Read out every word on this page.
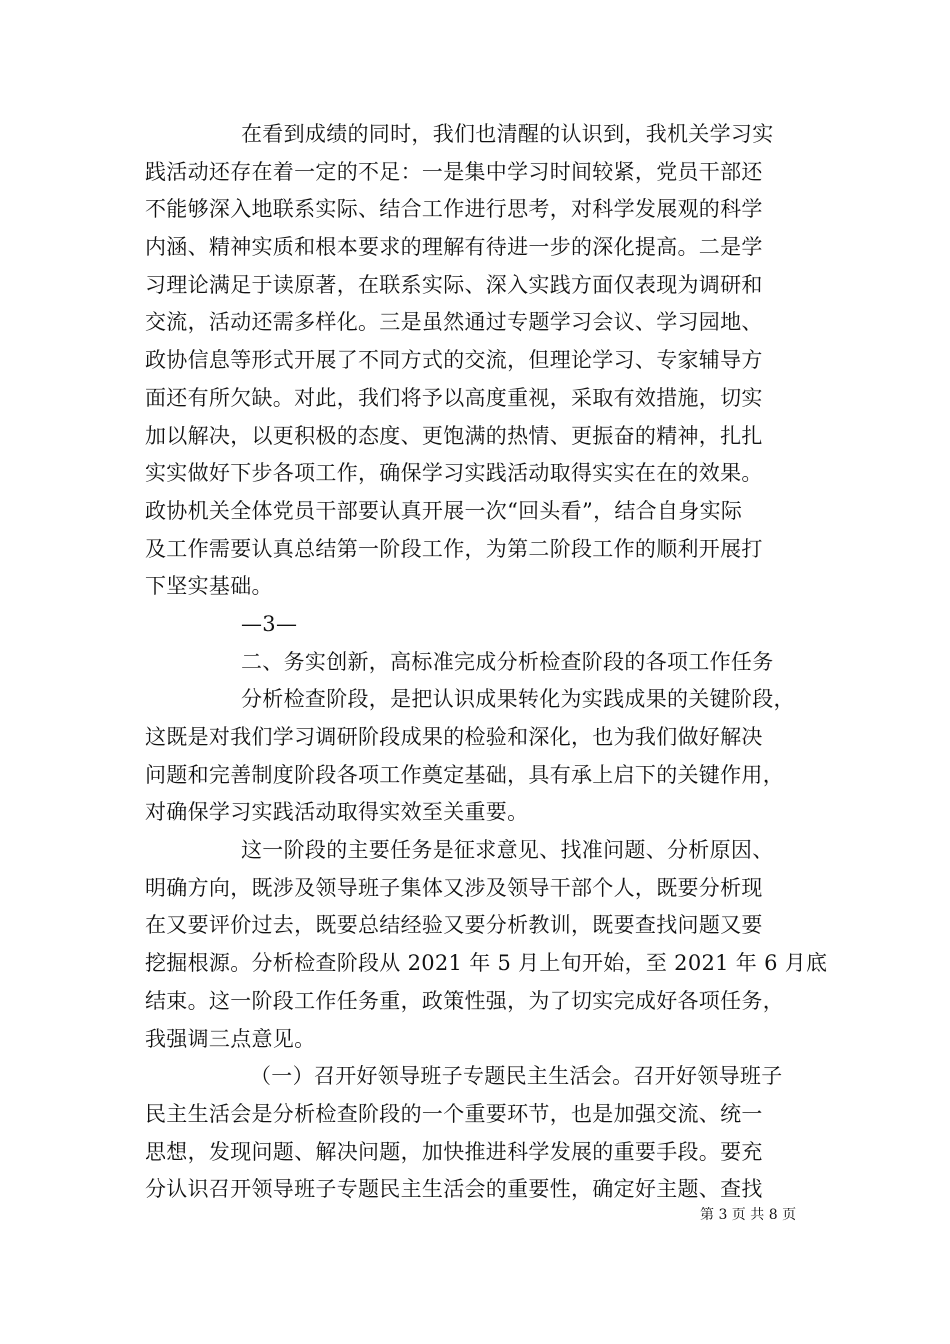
在看到成绩的同时，我们也清醒的认识到，我机关学习实
践活动还存在着一定的不足：一是集中学习时间较紧，党员干部还
不能够深入地联系实际、结合工作进行思考，对科学发展观的科学
内涵、精神实质和根本要求的理解有待进一步的深化提高。二是学
习理论满足于读原著，在联系实际、深入实践方面仅表现为调研和
交流，活动还需多样化。三是虽然通过专题学习会议、学习园地、
政协信息等形式开展了不同方式的交流，但理论学习、专家辅导方
面还有所欠缺。对此，我们将予以高度重视，采取有效措施，切实
加以解决，以更积极的态度、更饱满的热情、更振奋的精神，扎扎
实实做好下步各项工作，确保学习实践活动取得实实在在的效果。
政协机关全体党员干部要认真开展一次“回头看”，结合自身实际
及工作需要认真总结第一阶段工作，为第二阶段工作的顺利开展打
下坚实基础。
—3—
二、务实创新，高标准完成分析检查阶段的各项工作任务
分析检查阶段，是把认识成果转化为实践成果的关键阶段，
这既是对我们学习调研阶段成果的检验和深化，也为我们做好解决
问题和完善制度阶段各项工作奠定基础，具有承上启下的关键作用，
对确保学习实践活动取得实效至关重要。
这一阶段的主要任务是征求意见、找准问题、分析原因、
明确方向，既涉及领导班子集体又涉及领导干部个人，既要分析现
在又要评价过去，既要总结经验又要分析教训，既要查找问题又要
挖掘根源。分析检查阶段从 2021 年 5 月上旬开始，至 2021 年 6 月底
结束。这一阶段工作任务重，政策性强，为了切实完成好各项任务，
我强调三点意见。
（一）召开好领导班子专题民主生活会。召开好领导班子
民主生活会是分析检查阶段的一个重要环节，也是加强交流、统一
思想，发现问题、解决问题，加快推进科学发展的重要手段。要充
分认识召开领导班子专题民主生活会的重要性，确定好主题、查找
第 3 页 共 8 页
